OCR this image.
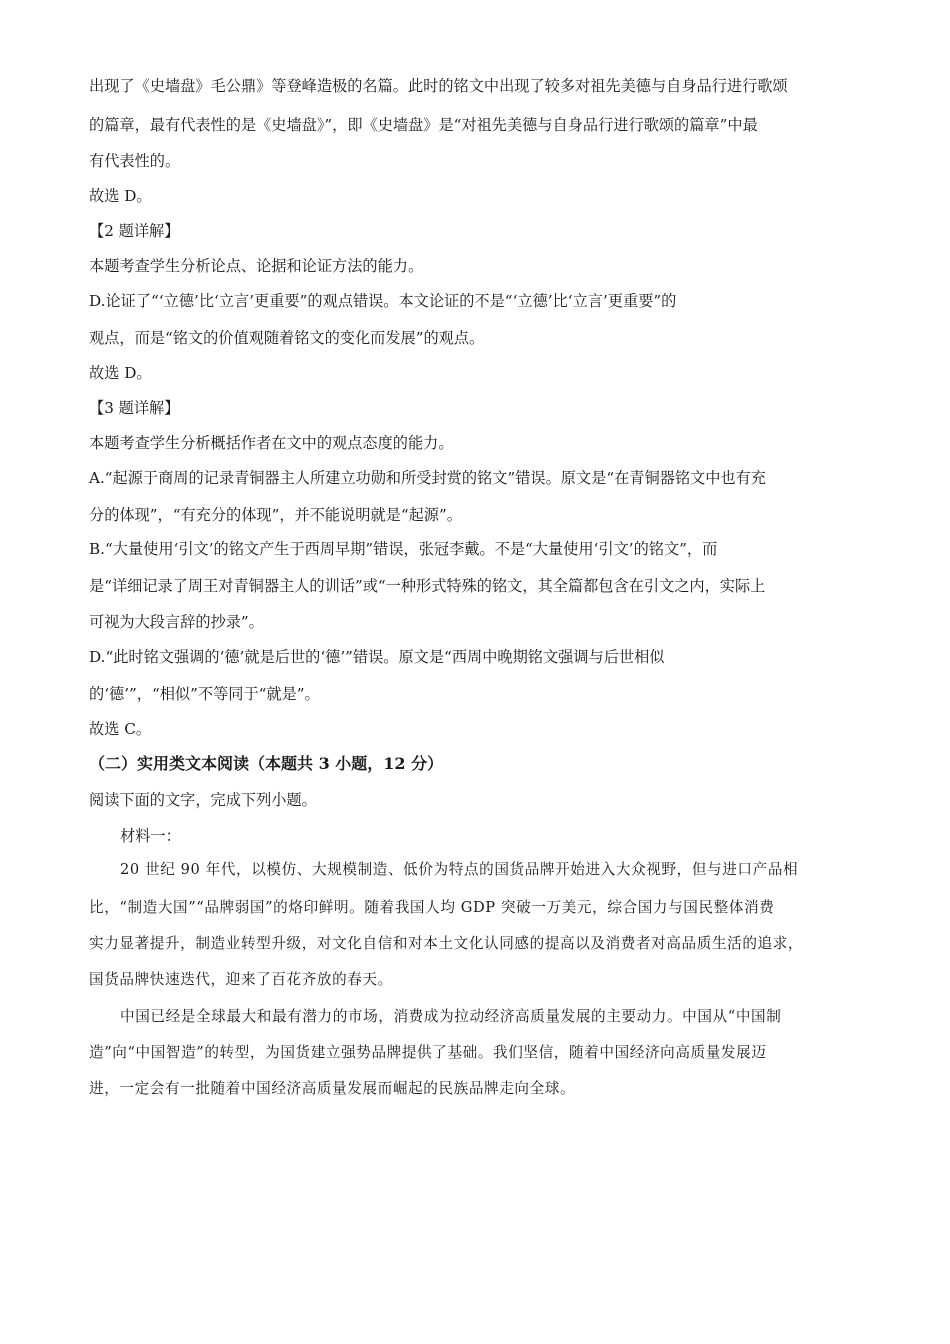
出现了《史墙盘》毛公鼎》等登峰造极的名篇。此时的铭文中出现了较多对祖先美德与自身品行进行歌颂
的篇章，最有代表性的是《史墙盘》”，即《史墙盘》是“对祖先美德与自身品行进行歌颂的篇章”中最
有代表性的。
故选 D。
【2 题详解】
本题考查学生分析论点、论据和论证方法的能力。
D.论证了“‘立德’比‘立言’更重要”的观点错误。本文论证的不是“‘立德’比‘立言’更重要”的
观点，而是“铭文的价值观随着铭文的变化而发展”的观点。
故选 D。
【3 题详解】
本题考查学生分析概括作者在文中的观点态度的能力。
A.“起源于商周的记录青铜器主人所建立功勋和所受封赏的铭文”错误。原文是“在青铜器铭文中也有充
分的体现”，“有充分的体现”，并不能说明就是“起源”。
B.“大量使用‘引文’的铭文产生于西周早期”错误，张冠李戴。不是“大量使用‘引文’的铭文”，而
是“详细记录了周王对青铜器主人的训话”或“一种形式特殊的铭文，其全篇都包含在引文之内，实际上
可视为大段言辞的抄录”。
D.“此时铭文强调的‘德’就是后世的‘德’”错误。原文是“西周中晚期铭文强调与后世相似
的‘德’”，“相似”不等同于“就是”。
故选 C。
（二）实用类文本阅读（本题共 3 小题，12 分）
阅读下面的文字，完成下列小题。
材料一：
20 世纪 90 年代，以模仿、大规模制造、低价为特点的国货品牌开始进入大众视野，但与进口产品相
比，“制造大国”“品牌弱国”的烙印鲜明。随着我国人均 GDP 突破一万美元，综合国力与国民整体消费
实力显著提升，制造业转型升级，对文化自信和对本土文化认同感的提高以及消费者对高品质生活的追求，
国货品牌快速迭代，迎来了百花齐放的春天。
中国已经是全球最大和最有潜力的市场，消费成为拉动经济高质量发展的主要动力。中国从“中国制
造”向“中国智造”的转型，为国货建立强势品牌提供了基础。我们坚信，随着中国经济向高质量发展迈
进，一定会有一批随着中国经济高质量发展而崛起的民族品牌走向全球。
